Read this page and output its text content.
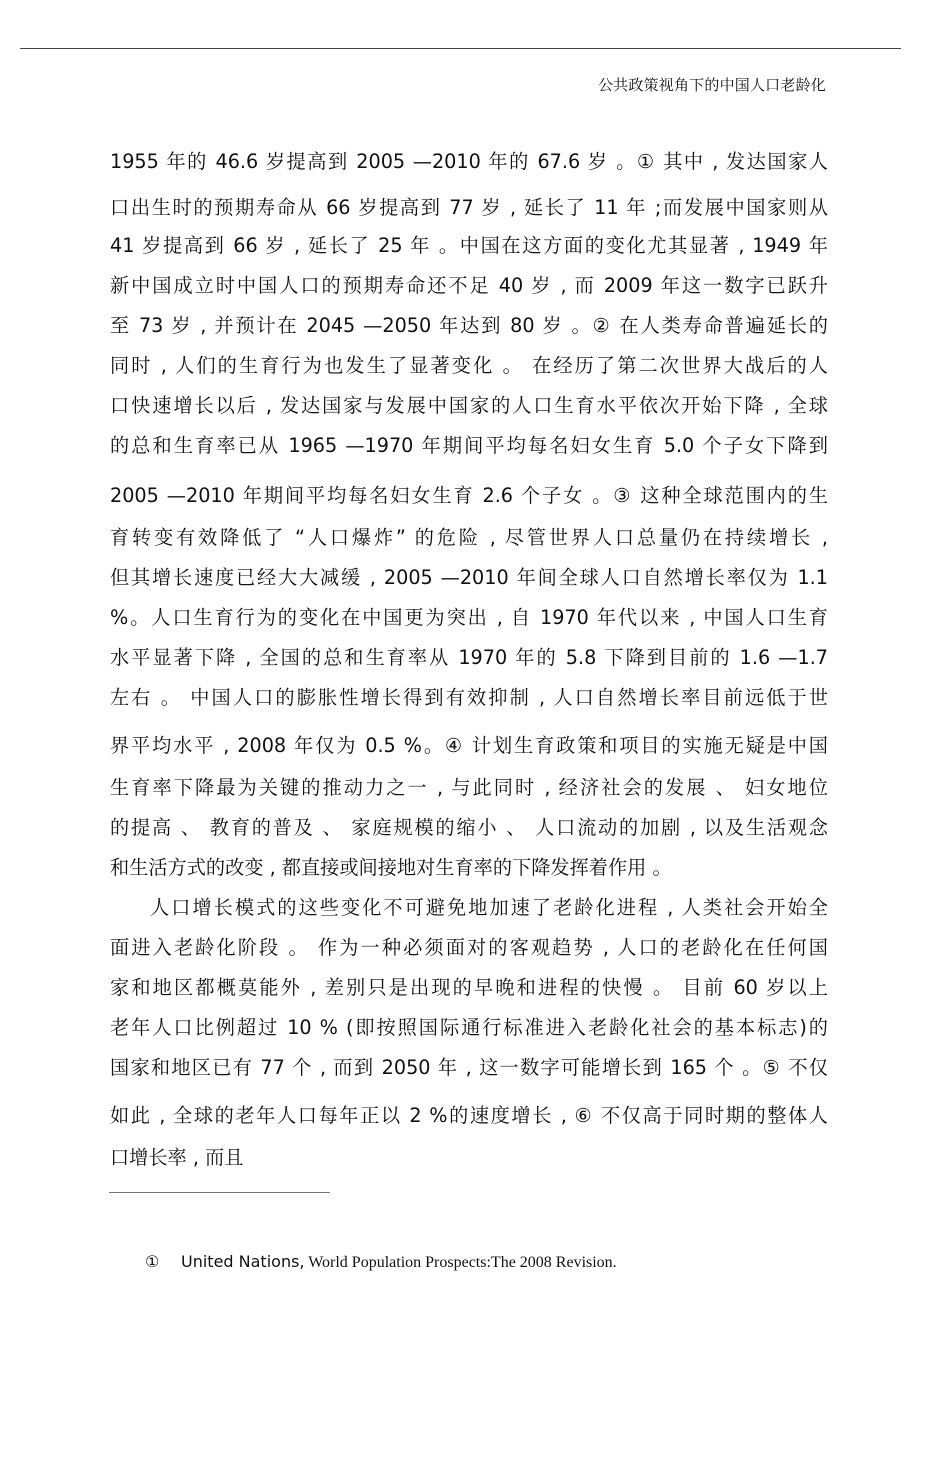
公共政策视角下的中国人口老龄化
1955 年的 46.6 岁提高到 2005 —2010 年的 67.6 岁 。① 其中 , 发达国家人
口出生时的预期寿命从 66 岁提高到 77 岁 , 延长了 11 年 ;而发展中国家则从
41 岁提高到 66 岁 , 延长了 25 年 。中国在这方面的变化尤其显著 , 1949 年
新中国成立时中国人口的预期寿命还不足 40 岁 , 而 2009 年这一数字已跃升
至 73 岁 , 并预计在 2045 —2050 年达到 80 岁 。② 在人类寿命普遍延长的
同时 , 人们的生育行为也发生了显著变化 。 在经历了第二次世界大战后的人
口快速增长以后 , 发达国家与发展中国家的人口生育水平依次开始下降 , 全球
的总和生育率已从 1965 —1970 年期间平均每名妇女生育 5.0 个子女下降到
2005 —2010 年期间平均每名妇女生育 2.6 个子女 。③ 这种全球范围内的生
育转变有效降低了 “人口爆炸” 的危险 , 尽管世界人口总量仍在持续增长 ,
但其增长速度已经大大减缓 , 2005 —2010 年间全球人口自然增长率仅为 1.1
%。人口生育行为的变化在中国更为突出 , 自 1970 年代以来 , 中国人口生育
水平显著下降 , 全国的总和生育率从 1970 年的 5.8 下降到目前的 1.6 —1.7
左右 。 中国人口的膨胀性增长得到有效抑制 , 人口自然增长率目前远低于世
界平均水平 , 2008 年仅为 0.5 %。④ 计划生育政策和项目的实施无疑是中国
生育率下降最为关键的推动力之一 , 与此同时 , 经济社会的发展 、 妇女地位
的提高 、 教育的普及 、 家庭规模的缩小 、 人口流动的加剧 , 以及生活观念
和生活方式的改变 , 都直接或间接地对生育率的下降发挥着作用 。
人口增长模式的这些变化不可避免地加速了老龄化进程 , 人类社会开始全
面进入老龄化阶段 。 作为一种必须面对的客观趋势 , 人口的老龄化在任何国
家和地区都概莫能外 , 差别只是出现的早晚和进程的快慢 。 目前 60 岁以上
老年人口比例超过 10 % (即按照国际通行标准进入老龄化社会的基本标志)的
国家和地区已有 77 个 , 而到 2050 年 , 这一数字可能增长到 165 个 。⑤ 不仅
如此 , 全球的老年人口每年正以 2 %的速度增长 , ⑥ 不仅高于同时期的整体人
口增长率 , 而且
① United Nations, World Population Prospects:The 2008 Revision.
